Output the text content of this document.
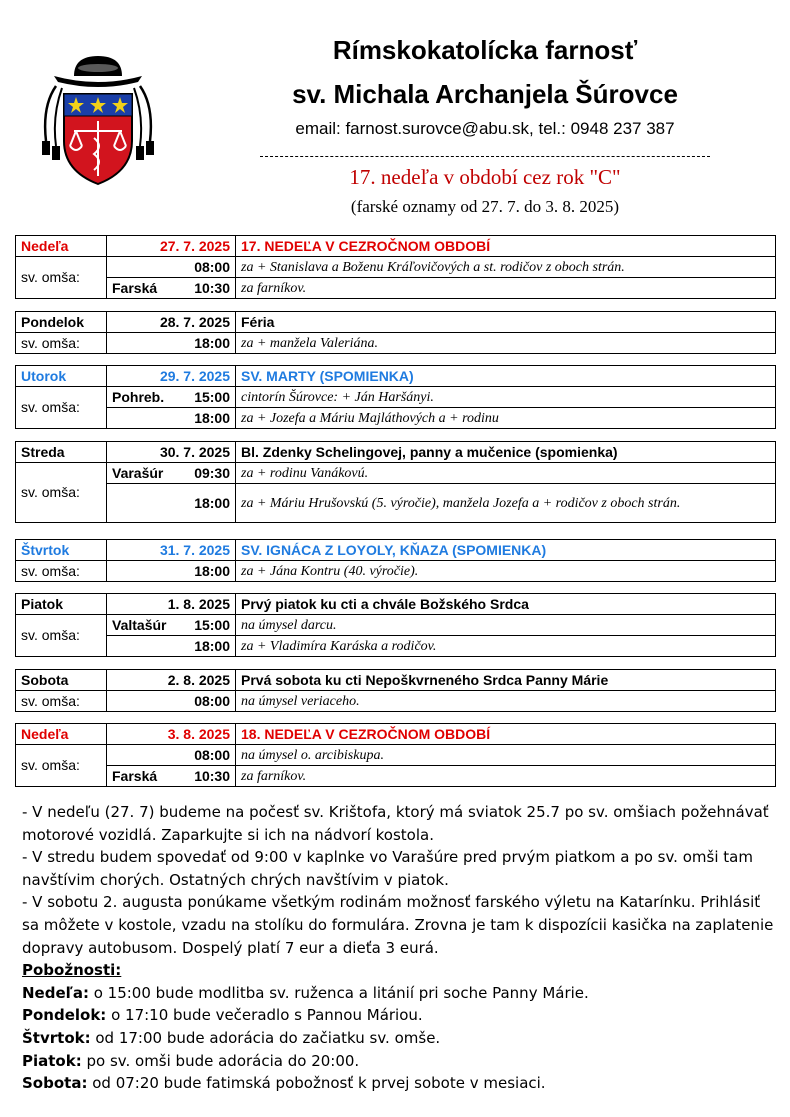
Rímskokatolícka farnosť
sv. Michala Archanjela Šúrovce
email: farnost.surovce@abu.sk, tel.: 0948 237 387
17. nedeľa v období cez rok "C"
(farské oznamy od 27. 7. do 3. 8. 2025)
Nedeľa	27. 7. 2025	17. NEDEĽA V CEZROČNOM OBDOBÍ
sv. omša:	08:00	za + Stanislava a Boženu Kráľovičových a st. rodičov z oboch strán.

	Farská 10:30	za farníkov.
Pondelok	28. 7. 2025	Féria
sv. omša:	18:00	za + manžela Valeriána.
Utorok	29. 7. 2025	SV. MARTY (SPOMIENKA)
sv. omša:	Pohreb. 15:00	cintorín Šúrovce: + Ján Haršányi.

	18:00	za + Jozefa a Máriu Majláthových a + rodinu
Streda	30. 7. 2025	Bl. Zdenky Schelingovej, panny a mučenice (spomienka)
sv. omša:	Varašúr 09:30	za + rodinu Vanákovú.

	18:00	za + Máriu Hrušovskú (5. výročie), manžela Jozefa a + rodičov z oboch strán.
Štvrtok	31. 7. 2025	SV. IGNÁCA Z LOYOLY, KŇAZA (SPOMIENKA)
sv. omša:	18:00	za + Jána Kontru (40. výročie).
Piatok	1. 8. 2025	Prvý piatok ku cti a chvále Božského Srdca
sv. omša:	Valtašúr 15:00	na úmysel darcu.

	18:00	za + Vladimíra Karáska a rodičov.
Sobota	2. 8. 2025	Prvá sobota ku cti Nepoškvrneného Srdca Panny Márie
sv. omša:	08:00	na úmysel veriaceho.
Nedeľa	3. 8. 2025	18. NEDEĽA V CEZROČNOM OBDOBÍ
sv. omša:	08:00	na úmysel o. arcibiskupa.

	Farská 10:30	za farníkov.

- V nedeľu (27. 7) budeme na počesť sv. Krištofa, ktorý má sviatok 25.7 po sv. omšiach požehnávať motorové vozidlá. Zaparkujte si ich na nádvorí kostola.

- V stredu budem spovedať od 9:00 v kaplnke vo Varašúre pred prvým piatkom a po sv. omši tam navštívim chorých. Ostatných chrých navštívim v piatok.

- V sobotu 2. augusta ponúkame všetkým rodinám možnosť farského výletu na Katarínku. Prihlásiť sa môžete v kostole, vzadu na stolíku do formulára. Zrovna je tam k dispozícii kasička na zaplatenie dopravy autobusom. Dospelý platí 7 eur a dieťa 3 eurá.

Pobožnosti:

Nedeľa: o 15:00 bude modlitba sv. ruženca a litánií pri soche Panny Márie.

Pondelok: o 17:10 bude večeradlo s Pannou Máriou.

Štvrtok: od 17:00 bude adorácia do začiatku sv. omše.

Piatok: po sv. omši bude adorácia do 20:00.

Sobota: od 07:20 bude fatimská pobožnosť k prvej sobote v mesiaci.
